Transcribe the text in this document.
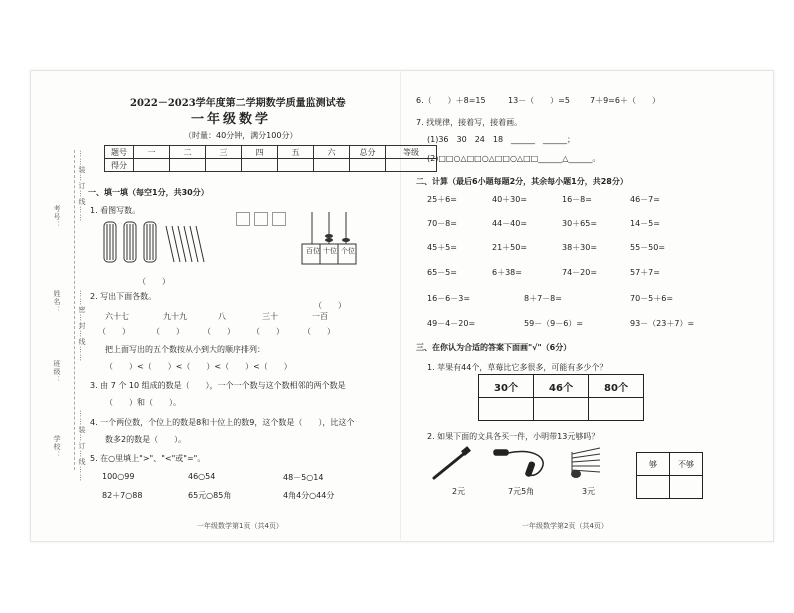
考号：
姓名：
班级：
学校：
……装…订…线……
……密…封…线……
……装…订…线……
2022－2023学年度第二学期数学质量监测试卷
一年级数学
（时量：40分钟，满分100分）
题号	一	二	三	四	五	六	总分	等级
得分								
一、填一填（每空1分，共30分）
1. 看图写数。
百位 十位 个位
（　　）
（　　）
2. 写出下面各数。
六十七	九十九	八	三十	一百
（　　）	（　　） （　　） （　　） （　　）
把上面写出的五个数按从小到大的顺序排列：
（　　）<（　　）<（　　）<（　　）<（　　）
3. 由 7 个 10 组成的数是（　　），一个一个数与这个数相邻的两个数是
（　　）和（　　）。
4. 一个两位数，个位上的数是8和十位上的数9，这个数是（　　），比这个
数多2的数是（　　）。
5. 在○里填上">"、"<"或"="。
100○99	46○54	48－5○14
82＋7○88	65元○85角	4角4分○44分
一年级数学第1页（共4页）
6.（　　）＋8=15	13－（　　）=5	7＋9=6＋（　　）
7. 找规律，接着写，接着画。
(1)36　30　24　18　______　______；
(2)□□○△□□○△□□○△□□______△______。
二、计算（最后6小题每题2分，其余每小题1分，共28分）
25＋6=	40＋30=	16－8=	46－7=
70－8=	44－40=	30＋65=	14－5=
45＋5=	21＋50=	38＋30=	55－50=
65－5=	6＋38=	74－20=	57＋7=
16－6－3=	8＋7－8=	70－5＋6=
49－4－20=	59－（9－6）=	93－（23＋7）=
三、在你认为合适的答案下面画"√"（6分）
1. 苹果有44个，草莓比它多很多，可能有多少个？
30个	46个	80个

2. 如果下面的文具各买一件，小明带13元够吗？
2元	7元5角	3元
够	不够

一年级数学第2页（共4页）
